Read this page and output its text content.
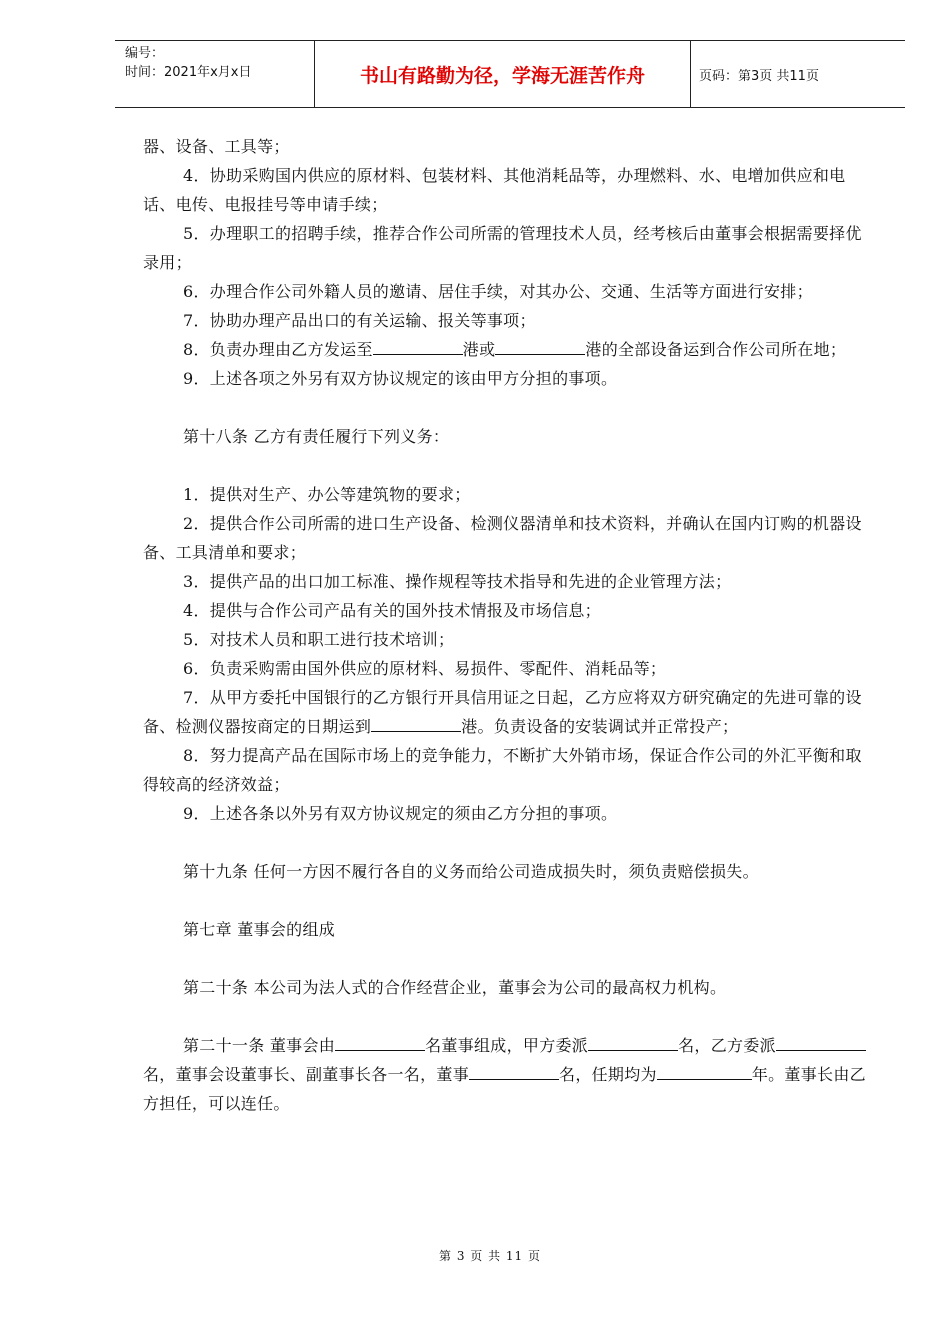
编号：
时间：2021年x月x日	书山有路勤为径，学海无涯苦作舟	页码：第3页 共11页

器、设备、工具等；

4．协助采购国内供应的原材料、包装材料、其他消耗品等，办理燃料、水、电增加供应和电话、电传、电报挂号等申请手续；

5．办理职工的招聘手续，推荐合作公司所需的管理技术人员，经考核后由董事会根据需要择优录用；

6．办理合作公司外籍人员的邀请、居住手续，对其办公、交通、生活等方面进行安排；

7．协助办理产品出口的有关运输、报关等事项；

8．负责办理由乙方发运至	港或	港的全部设备运到合作公司所在地；

9．上述各项之外另有双方协议规定的该由甲方分担的事项。

第十八条 乙方有责任履行下列义务：

1．提供对生产、办公等建筑物的要求；

2．提供合作公司所需的进口生产设备、检测仪器清单和技术资料，并确认在国内订购的机器设备、工具清单和要求；

3．提供产品的出口加工标准、操作规程等技术指导和先进的企业管理方法；

4．提供与合作公司产品有关的国外技术情报及市场信息；

5．对技术人员和职工进行技术培训；

6．负责采购需由国外供应的原材料、易损件、零配件、消耗品等；

7．从甲方委托中国银行的乙方银行开具信用证之日起，乙方应将双方研究确定的先进可靠的设备、检测仪器按商定的日期运到	港。负责设备的安装调试并正常投产；

8．努力提高产品在国际市场上的竞争能力，不断扩大外销市场，保证合作公司的外汇平衡和取得较高的经济效益；

9．上述各条以外另有双方协议规定的须由乙方分担的事项。

第十九条 任何一方因不履行各自的义务而给公司造成损失时，须负责赔偿损失。

第七章 董事会的组成

第二十条 本公司为法人式的合作经营企业，董事会为公司的最高权力机构。

第二十一条 董事会由	名董事组成，甲方委派	名，乙方委派名，董事会设董事长、副董事长各一名，董事	名，任期均为	年。董事长由乙方担任，可以连任。

第 3 页 共 11 页
